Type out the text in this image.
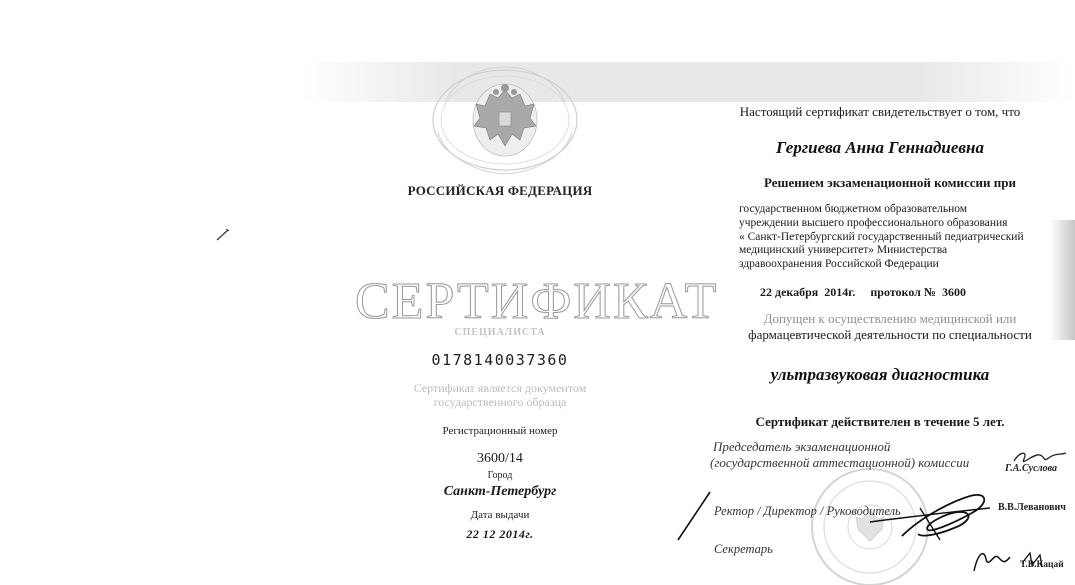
РОССИЙСКАЯ ФЕДЕРАЦИЯ
СЕРТИФИКАТ
СПЕЦИАЛИСТА
0178140037360
Сертификат является документом
государственного образца
Регистрационный номер
3600/14
Город
Санкт-Петербург
Дата выдачи
22 12 2014г.
Настоящий сертификат свидетельствует о том, что
Гергиева Анна Геннадиевна
Решением экзаменационной комиссии при
государственном бюджетном образовательном
учреждении высшего профессионального образования
« Санкт-Петербургский государственный педиатрический
медицинский университет» Министерства
здравоохранения Российской Федерации
22 декабря  2014г.     протокол №  3600
Допущен к осуществлению медицинской или
фармацевтической деятельности по специальности
ультразвуковая диагностика
Сертификат действителен в течение 5 лет.
Председатель экзаменационной
(государственной аттестационной) комиссии	Г.А.Суслова
Ректор / Директор / Руководитель	В.В.Леванович
Секретарь
Т.В.Кацай
